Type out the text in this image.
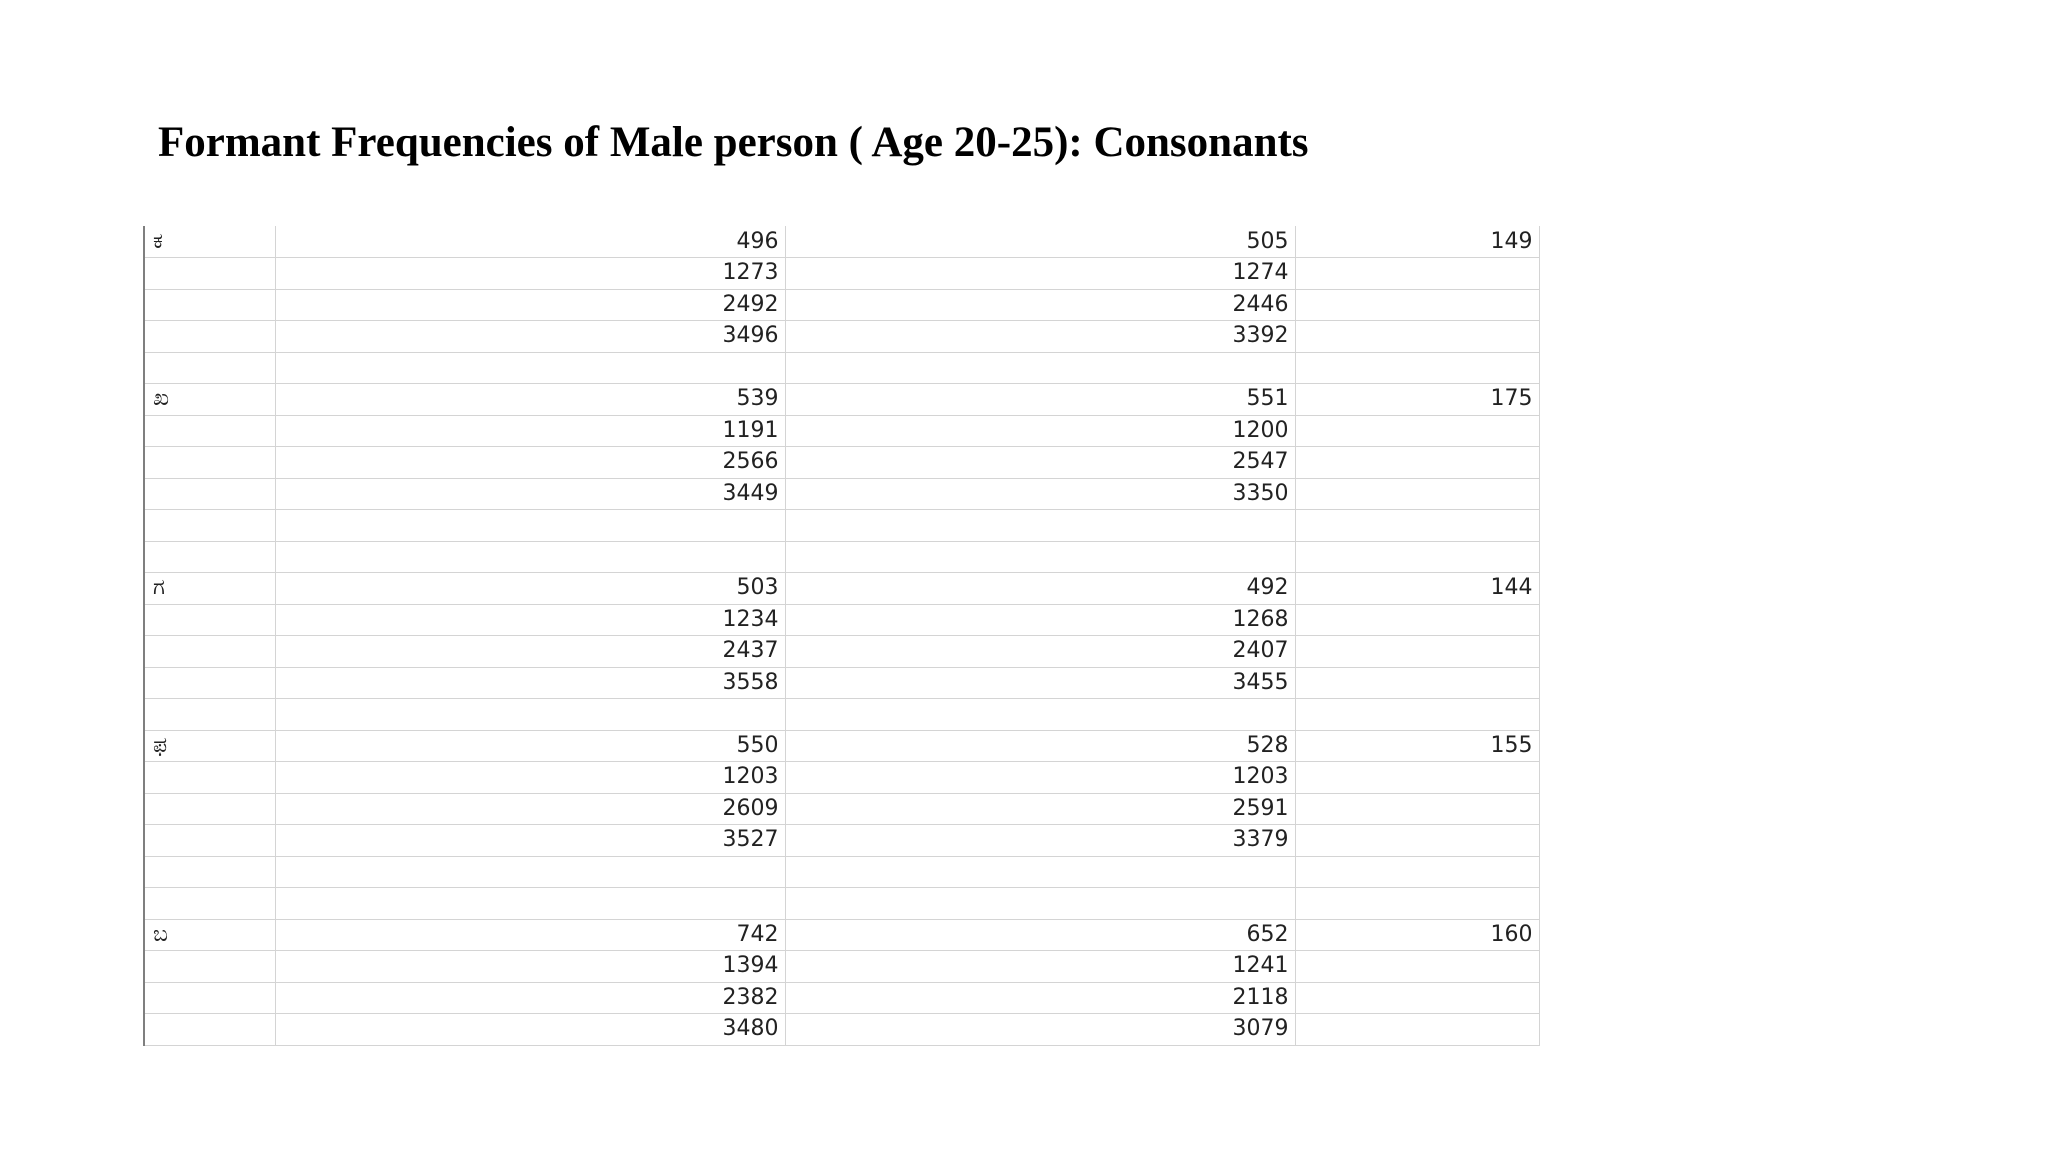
Formant Frequencies of Male person ( Age 20-25): Consonants
ಕ	496	505	149
	1273	1274	
	2492	2446	
	3496	3392	

ಖ	539	551	175
	1191	1200	
	2566	2547	
	3449	3350	

ಗ	503	492	144
	1234	1268	
	2437	2407	
	3558	3455	

ಫ	550	528	155
	1203	1203	
	2609	2591	
	3527	3379	

ಬ	742	652	160
	1394	1241	
	2382	2118	
	3480	3079	
